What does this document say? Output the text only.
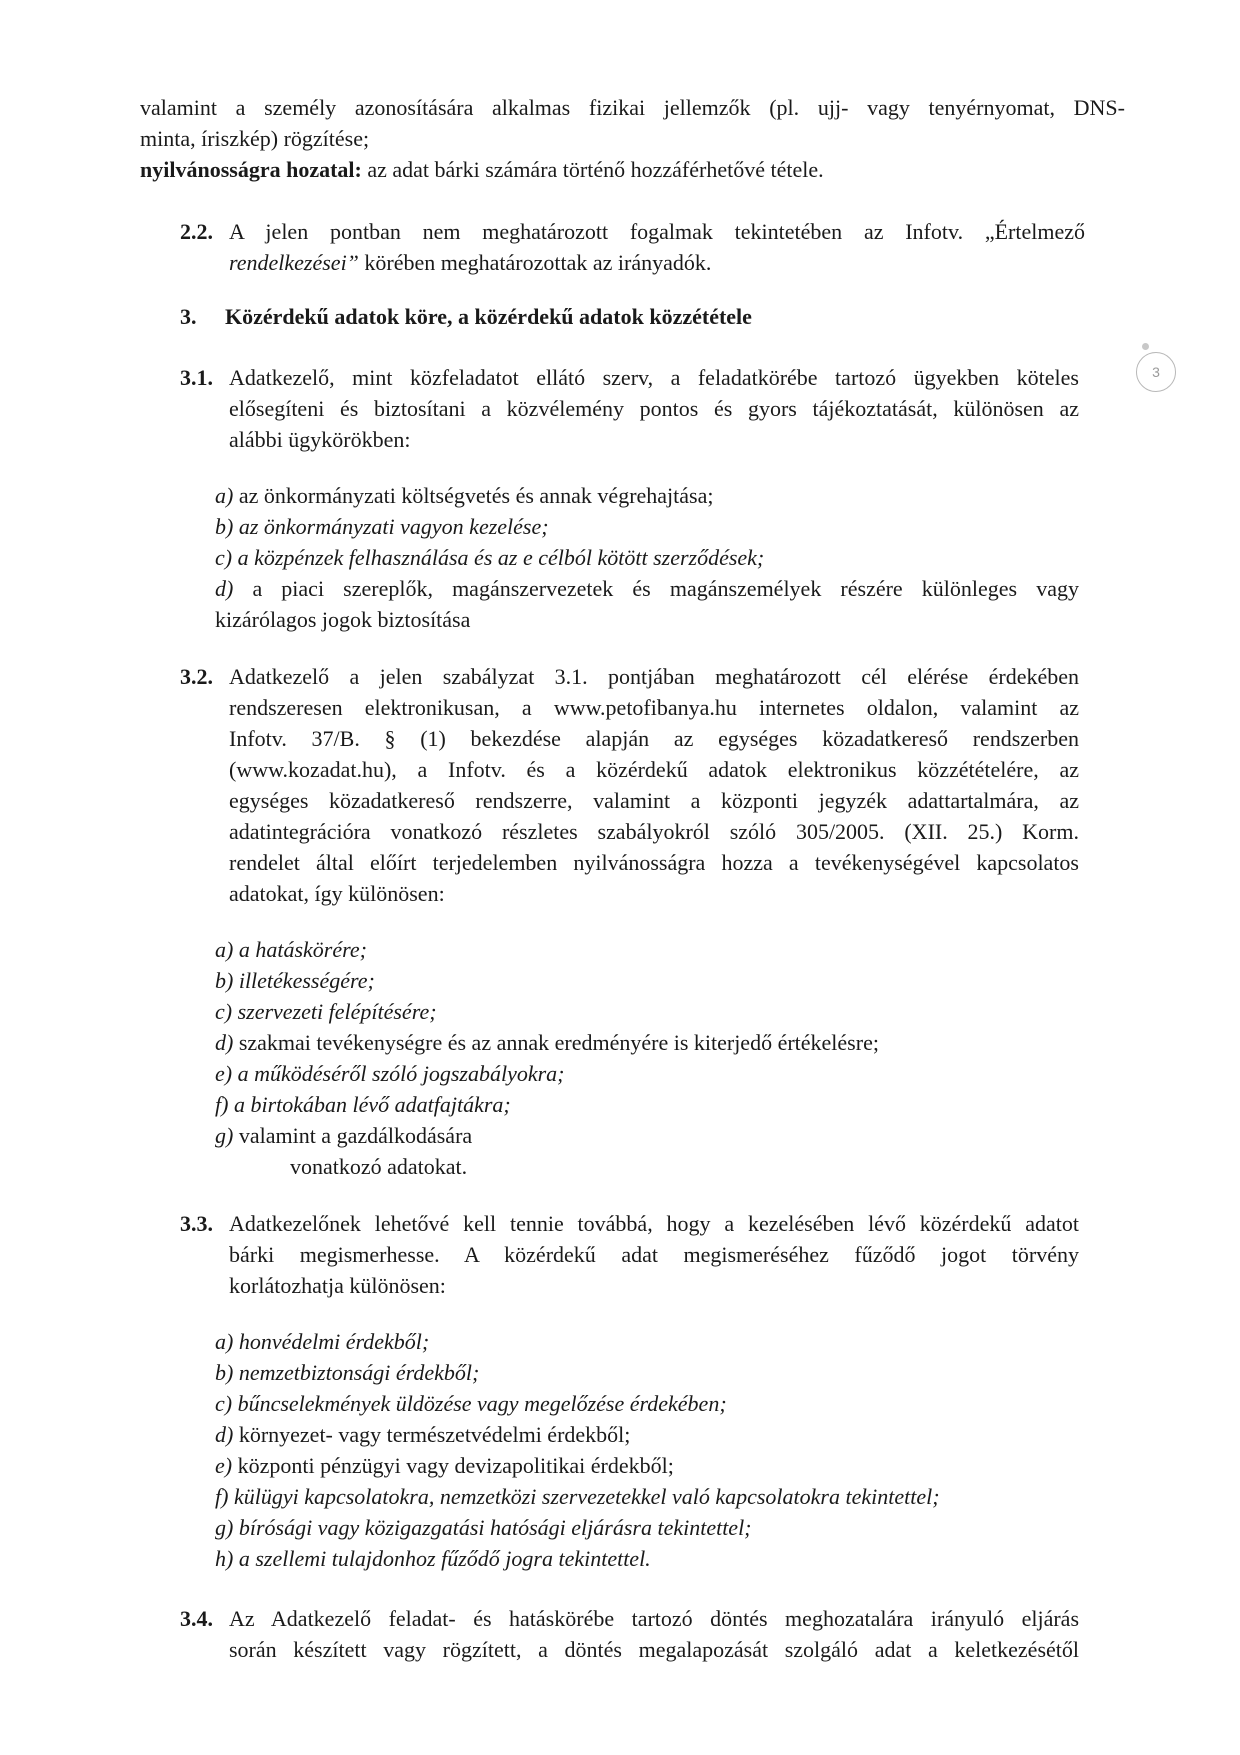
valamint a személy azonosítására alkalmas fizikai jellemzők (pl. ujj- vagy tenyérnyomat, DNS-
minta, íriszkép) rögzítése;
nyilvánosságra hozatal: az adat bárki számára történő hozzáférhetővé tétele.
2.2. A jelen pontban nem meghatározott fogalmak tekintetében az Infotv. „Értelmező
rendelkezései” körében meghatározottak az irányadók.
3. Közérdekű adatok köre, a közérdekű adatok közzététele
3
3.1. Adatkezelő, mint közfeladatot ellátó szerv, a feladatkörébe tartozó ügyekben köteles
elősegíteni és biztosítani a közvélemény pontos és gyors tájékoztatását, különösen az
alábbi ügykörökben:
a) az önkormányzati költségvetés és annak végrehajtása;
b) az önkormányzati vagyon kezelése;
c) a közpénzek felhasználása és az e célból kötött szerződések;
d) a piaci szereplők, magánszervezetek és magánszemélyek részére különleges vagy
kizárólagos jogok biztosítása
3.2. Adatkezelő a jelen szabályzat 3.1. pontjában meghatározott cél elérése érdekében
rendszeresen elektronikusan, a www.petofibanya.hu internetes oldalon, valamint az
Infotv. 37/B. § (1) bekezdése alapján az egységes közadatkereső rendszerben
(www.kozadat.hu), a Infotv. és a közérdekű adatok elektronikus közzétételére, az
egységes közadatkereső rendszerre, valamint a központi jegyzék adattartalmára, az
adatintegrációra vonatkozó részletes szabályokról szóló 305/2005. (XII. 25.) Korm.
rendelet által előírt terjedelemben nyilvánosságra hozza a tevékenységével kapcsolatos
adatokat, így különösen:
a) a hatáskörére;
b) illetékességére;
c) szervezeti felépítésére;
d) szakmai tevékenységre és az annak eredményére is kiterjedő értékelésre;
e) a működéséről szóló jogszabályokra;
f) a birtokában lévő adatfajtákra;
g) valamint a gazdálkodására
vonatkozó adatokat.
3.3. Adatkezelőnek lehetővé kell tennie továbbá, hogy a kezelésében lévő közérdekű adatot
bárki megismerhesse. A közérdekű adat megismeréséhez fűződő jogot törvény
korlátozhatja különösen:
a) honvédelmi érdekből;
b) nemzetbiztonsági érdekből;
c) bűncselekmények üldözése vagy megelőzése érdekében;
d) környezet- vagy természetvédelmi érdekből;
e) központi pénzügyi vagy devizapolitikai érdekből;
f) külügyi kapcsolatokra, nemzetközi szervezetekkel való kapcsolatokra tekintettel;
g) bírósági vagy közigazgatási hatósági eljárásra tekintettel;
h) a szellemi tulajdonhoz fűződő jogra tekintettel.
3.4. Az Adatkezelő feladat- és hatáskörébe tartozó döntés meghozatalára irányuló eljárás
során készített vagy rögzített, a döntés megalapozását szolgáló adat a keletkezésétől
